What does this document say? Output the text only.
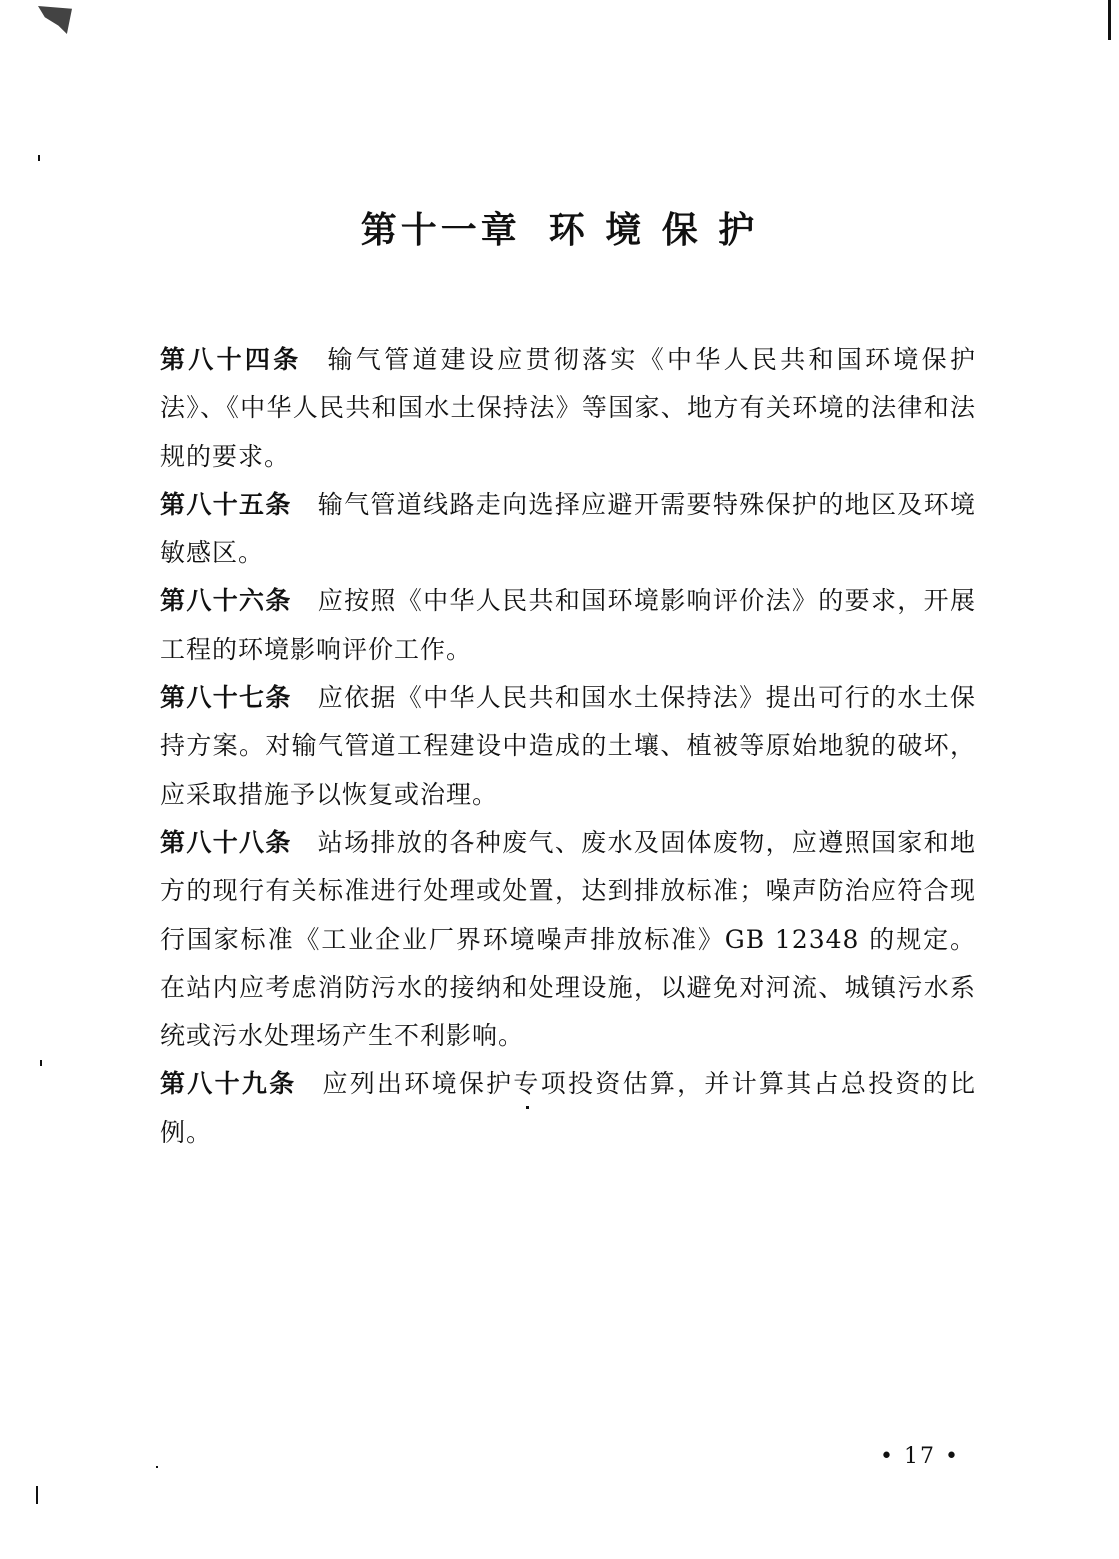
第十一章 环 境 保 护

第八十四条 输气管道建设应贯彻落实《中华人民共和国环境保护法》、《中华人民共和国水土保持法》等国家、地方有关环境的法律和法规的要求。

第八十五条 输气管道线路走向选择应避开需要特殊保护的地区及环境敏感区。

第八十六条 应按照《中华人民共和国环境影响评价法》的要求，开展工程的环境影响评价工作。

第八十七条 应依据《中华人民共和国水土保持法》提出可行的水土保持方案。对输气管道工程建设中造成的土壤、植被等原始地貌的破坏，应采取措施予以恢复或治理。

第八十八条 站场排放的各种废气、废水及固体废物，应遵照国家和地方的现行有关标准进行处理或处置，达到排放标准；噪声防治应符合现行国家标准《工业企业厂界环境噪声排放标准》GB 12348 的规定。在站内应考虑消防污水的接纳和处理设施，以避免对河流、城镇污水系统或污水处理场产生不利影响。

第八十九条 应列出环境保护专项投资估算，并计算其占总投资的比例。

• 17 •
